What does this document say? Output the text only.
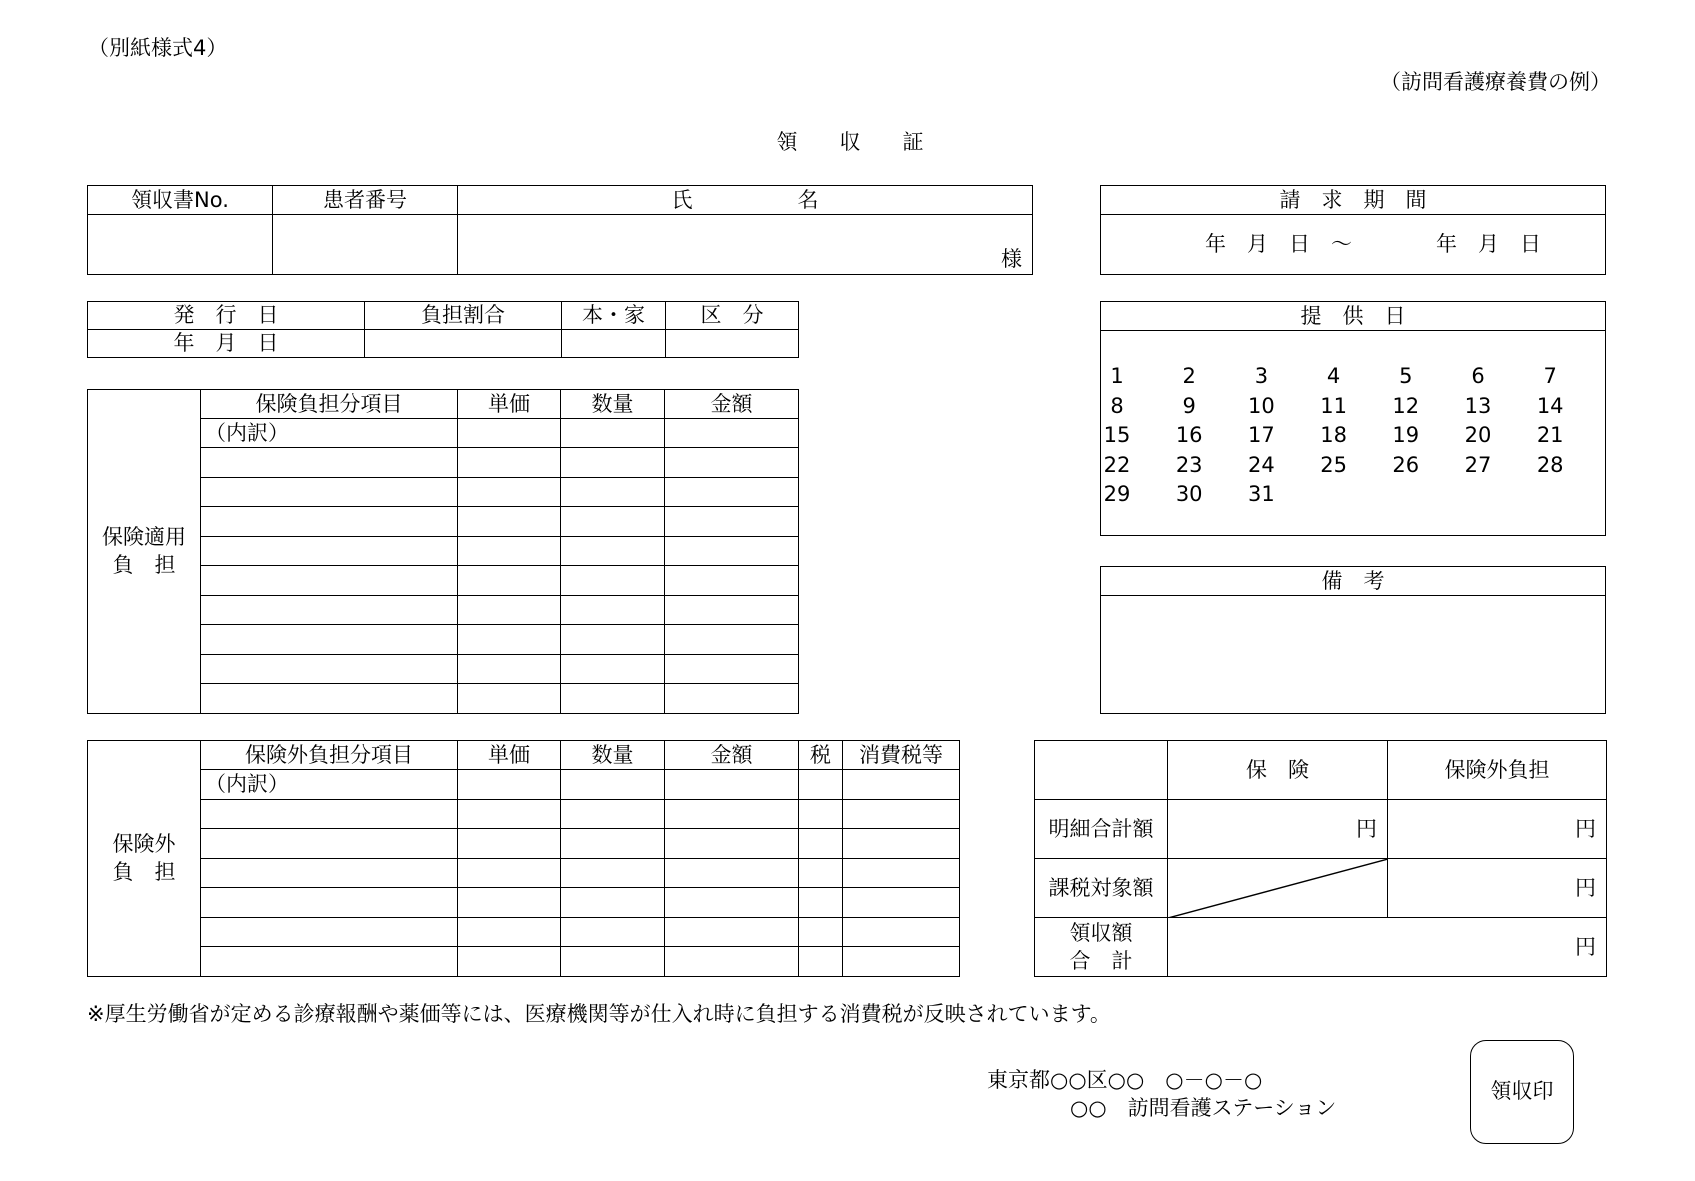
（別紙様式4）
（訪問看護療養費の例）
領　　収　　証
領収書No.	患者番号	氏　　　　　名
		様
請　求　期　間
年　月　日　～　　　　年　月　日
発　行　日	負担割合	本・家	区　分
年　月　日			
提　供　日
1	2	3	4	5	6	7
8	9	10	11	12	13	14
15	16	17	18	19	20	21
22	23	24	25	26	27	28
29	30	31
保険適用
負　担	保険負担分項目	単価	数量	金額
	（内訳）			

備　考
保険外
負　担	保険外負担分項目	単価	数量	金額	税	消費税等
	（内訳）					

	保　険	保険外負担
明細合計額	円	円
課税対象額		円
領収額
合　計	円	
※厚生労働省が定める診療報酬や薬価等には、医療機関等が仕入れ時に負担する消費税が反映されています。
東京都○○区○○　○－○－○
○○　訪問看護ステーション
領収印
